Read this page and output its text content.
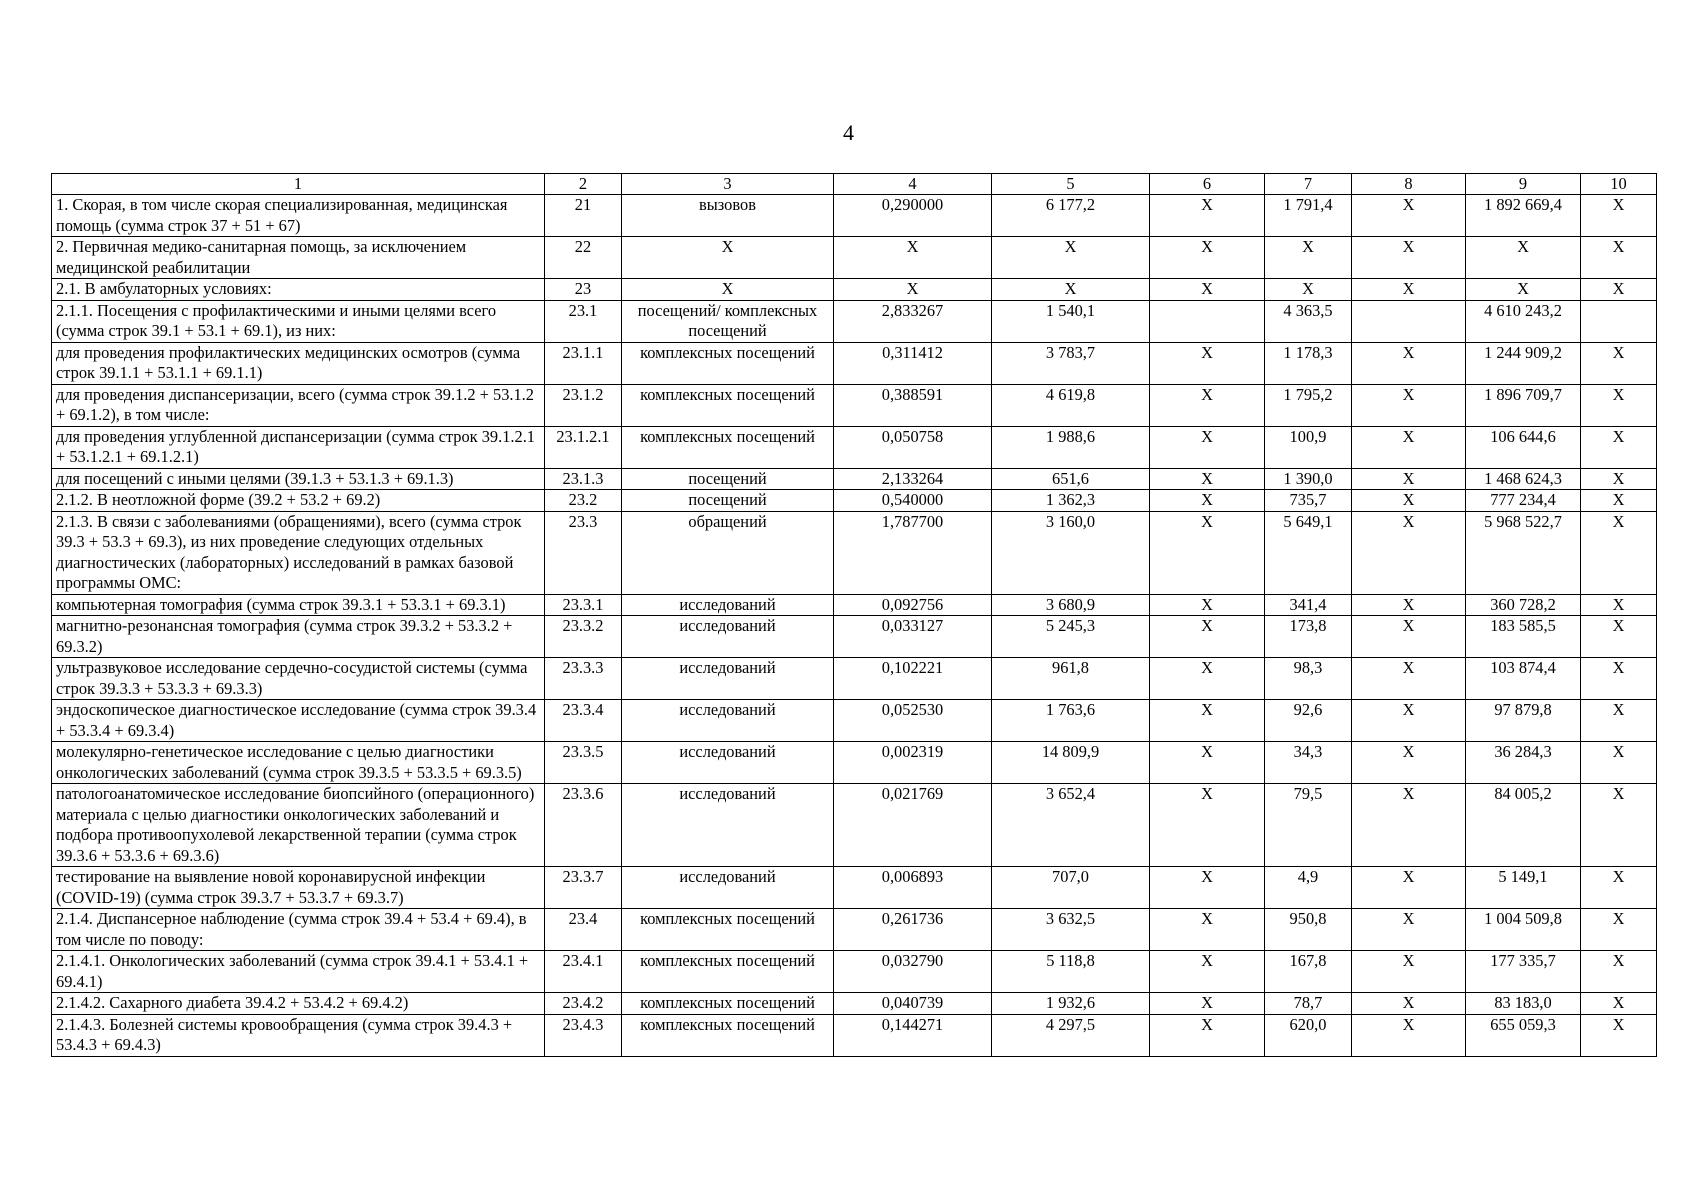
4
1	2	3	4	5	6	7	8	9	10
1. Скорая, в том числе скорая специализированная, медицинская помощь (сумма строк 37 + 51 + 67)	21	вызовов	0,290000	6 177,2	Х	1 791,4	Х	1 892 669,4	Х
2. Первичная медико-санитарная помощь, за исключением медицинской реабилитации	22	Х	Х	Х	Х	Х	Х	Х	Х
2.1. В амбулаторных условиях:	23	Х	Х	Х	Х	Х	Х	Х	Х
2.1.1. Посещения с профилактическими и иными целями всего (сумма строк 39.1 + 53.1 + 69.1), из них:	23.1	посещений/ комплексных посещений	2,833267	1 540,1		4 363,5		4 610 243,2	
для проведения профилактических медицинских осмотров (сумма строк 39.1.1 + 53.1.1 + 69.1.1)	23.1.1	комплексных посещений	0,311412	3 783,7	Х	1 178,3	Х	1 244 909,2	Х
для проведения диспансеризации, всего (сумма строк 39.1.2 + 53.1.2 + 69.1.2), в том числе:	23.1.2	комплексных посещений	0,388591	4 619,8	Х	1 795,2	Х	1 896 709,7	Х
для проведения углубленной диспансеризации (сумма строк 39.1.2.1 + 53.1.2.1 + 69.1.2.1)	23.1.2.1	комплексных посещений	0,050758	1 988,6	Х	100,9	Х	106 644,6	Х
для посещений с иными целями (39.1.3 + 53.1.3 + 69.1.3)	23.1.3	посещений	2,133264	651,6	Х	1 390,0	Х	1 468 624,3	Х
2.1.2. В неотложной форме (39.2 + 53.2 + 69.2)	23.2	посещений	0,540000	1 362,3	Х	735,7	Х	777 234,4	Х
2.1.3. В связи с заболеваниями (обращениями), всего (сумма строк 39.3 + 53.3 + 69.3), из них проведение следующих отдельных диагностических (лабораторных) исследований в рамках базовой программы ОМС:	23.3	обращений	1,787700	3 160,0	Х	5 649,1	Х	5 968 522,7	Х
компьютерная томография (сумма строк 39.3.1 + 53.3.1 + 69.3.1)	23.3.1	исследований	0,092756	3 680,9	Х	341,4	Х	360 728,2	Х
магнитно-резонансная томография (сумма строк 39.3.2 + 53.3.2 + 69.3.2)	23.3.2	исследований	0,033127	5 245,3	Х	173,8	Х	183 585,5	Х
ультразвуковое исследование сердечно-сосудистой системы (сумма строк 39.3.3 + 53.3.3 + 69.3.3)	23.3.3	исследований	0,102221	961,8	Х	98,3	Х	103 874,4	Х
эндоскопическое диагностическое исследование (сумма строк 39.3.4 + 53.3.4 + 69.3.4)	23.3.4	исследований	0,052530	1 763,6	Х	92,6	Х	97 879,8	Х
молекулярно-генетическое исследование с целью диагностики онкологических заболеваний (сумма строк 39.3.5 + 53.3.5 + 69.3.5)	23.3.5	исследований	0,002319	14 809,9	Х	34,3	Х	36 284,3	Х
патологоанатомическое исследование биопсийного (операционного) материала с целью диагностики онкологических заболеваний и подбора противоопухолевой лекарственной терапии (сумма строк 39.3.6 + 53.3.6 + 69.3.6)	23.3.6	исследований	0,021769	3 652,4	Х	79,5	Х	84 005,2	Х
тестирование на выявление новой коронавирусной инфекции (COVID-19) (сумма строк 39.3.7 + 53.3.7 + 69.3.7)	23.3.7	исследований	0,006893	707,0	Х	4,9	Х	5 149,1	Х
2.1.4. Диспансерное наблюдение (сумма строк 39.4 + 53.4 + 69.4), в том числе по поводу:	23.4	комплексных посещений	0,261736	3 632,5	Х	950,8	Х	1 004 509,8	Х
2.1.4.1. Онкологических заболеваний (сумма строк 39.4.1 + 53.4.1 + 69.4.1)	23.4.1	комплексных посещений	0,032790	5 118,8	Х	167,8	Х	177 335,7	Х
2.1.4.2. Сахарного диабета 39.4.2 + 53.4.2 + 69.4.2)	23.4.2	комплексных посещений	0,040739	1 932,6	Х	78,7	Х	83 183,0	Х
2.1.4.3. Болезней системы кровообращения (сумма строк 39.4.3 + 53.4.3 + 69.4.3)	23.4.3	комплексных посещений	0,144271	4 297,5	Х	620,0	Х	655 059,3	Х
